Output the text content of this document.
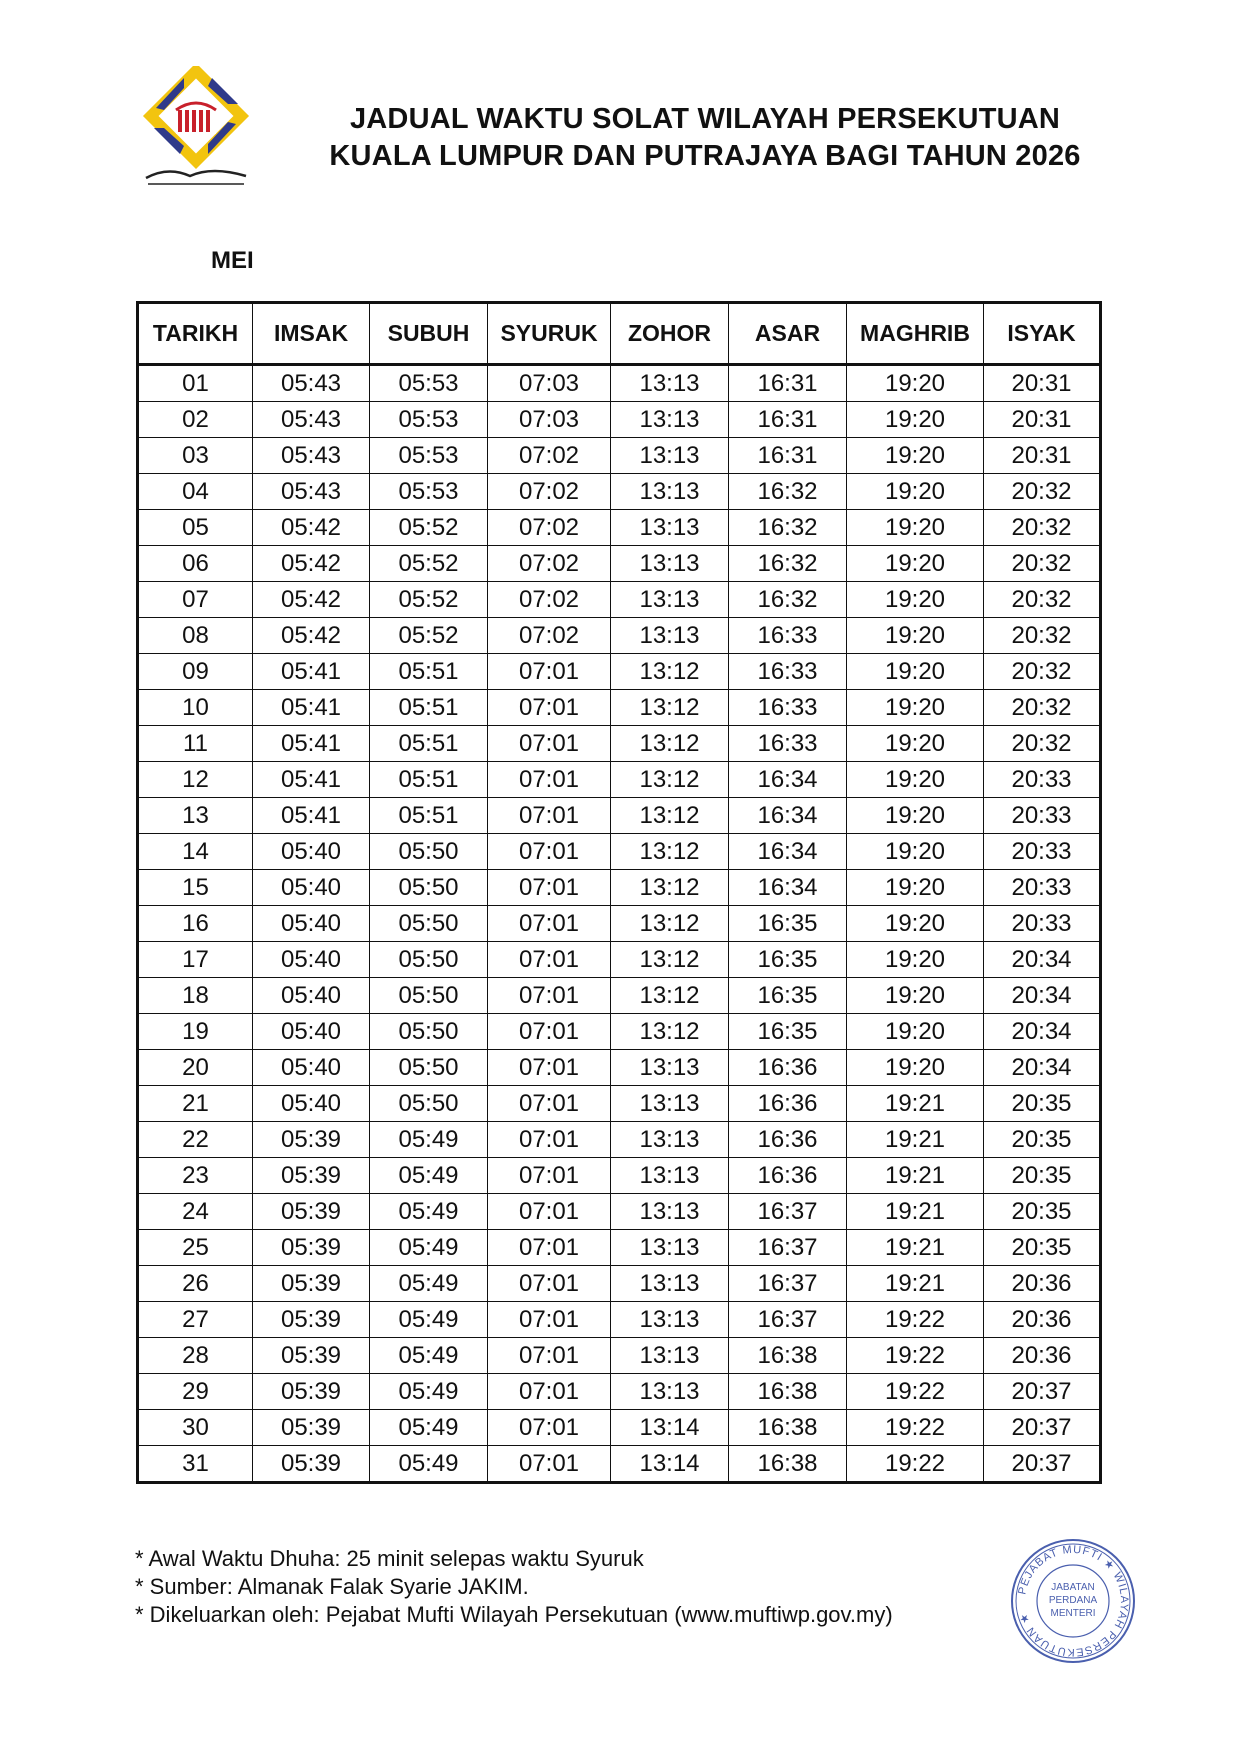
JADUAL WAKTU SOLAT WILAYAH PERSEKUTUAN
KUALA LUMPUR DAN PUTRAJAYA BAGI TAHUN 2026
MEI
TARIKH	IMSAK	SUBUH	SYURUK	ZOHOR	ASAR	MAGHRIB	ISYAK
01	05:43	05:53	07:03	13:13	16:31	19:20	20:31
02	05:43	05:53	07:03	13:13	16:31	19:20	20:31
03	05:43	05:53	07:02	13:13	16:31	19:20	20:31
04	05:43	05:53	07:02	13:13	16:32	19:20	20:32
05	05:42	05:52	07:02	13:13	16:32	19:20	20:32
06	05:42	05:52	07:02	13:13	16:32	19:20	20:32
07	05:42	05:52	07:02	13:13	16:32	19:20	20:32
08	05:42	05:52	07:02	13:13	16:33	19:20	20:32
09	05:41	05:51	07:01	13:12	16:33	19:20	20:32
10	05:41	05:51	07:01	13:12	16:33	19:20	20:32
11	05:41	05:51	07:01	13:12	16:33	19:20	20:32
12	05:41	05:51	07:01	13:12	16:34	19:20	20:33
13	05:41	05:51	07:01	13:12	16:34	19:20	20:33
14	05:40	05:50	07:01	13:12	16:34	19:20	20:33
15	05:40	05:50	07:01	13:12	16:34	19:20	20:33
16	05:40	05:50	07:01	13:12	16:35	19:20	20:33
17	05:40	05:50	07:01	13:12	16:35	19:20	20:34
18	05:40	05:50	07:01	13:12	16:35	19:20	20:34
19	05:40	05:50	07:01	13:12	16:35	19:20	20:34
20	05:40	05:50	07:01	13:13	16:36	19:20	20:34
21	05:40	05:50	07:01	13:13	16:36	19:21	20:35
22	05:39	05:49	07:01	13:13	16:36	19:21	20:35
23	05:39	05:49	07:01	13:13	16:36	19:21	20:35
24	05:39	05:49	07:01	13:13	16:37	19:21	20:35
25	05:39	05:49	07:01	13:13	16:37	19:21	20:35
26	05:39	05:49	07:01	13:13	16:37	19:21	20:36
27	05:39	05:49	07:01	13:13	16:37	19:22	20:36
28	05:39	05:49	07:01	13:13	16:38	19:22	20:36
29	05:39	05:49	07:01	13:13	16:38	19:22	20:37
30	05:39	05:49	07:01	13:14	16:38	19:22	20:37
31	05:39	05:49	07:01	13:14	16:38	19:22	20:37
* Awal Waktu Dhuha: 25 minit selepas waktu Syuruk
* Sumber: Almanak Falak Syarie JAKIM.
* Dikeluarkan oleh: Pejabat Mufti Wilayah Persekutuan (www.muftiwp.gov.my)
PEJABAT MUFTI ★ WILAYAH PERSEKUTUAN ★
JABATAN
PERDANA
MENTERI
